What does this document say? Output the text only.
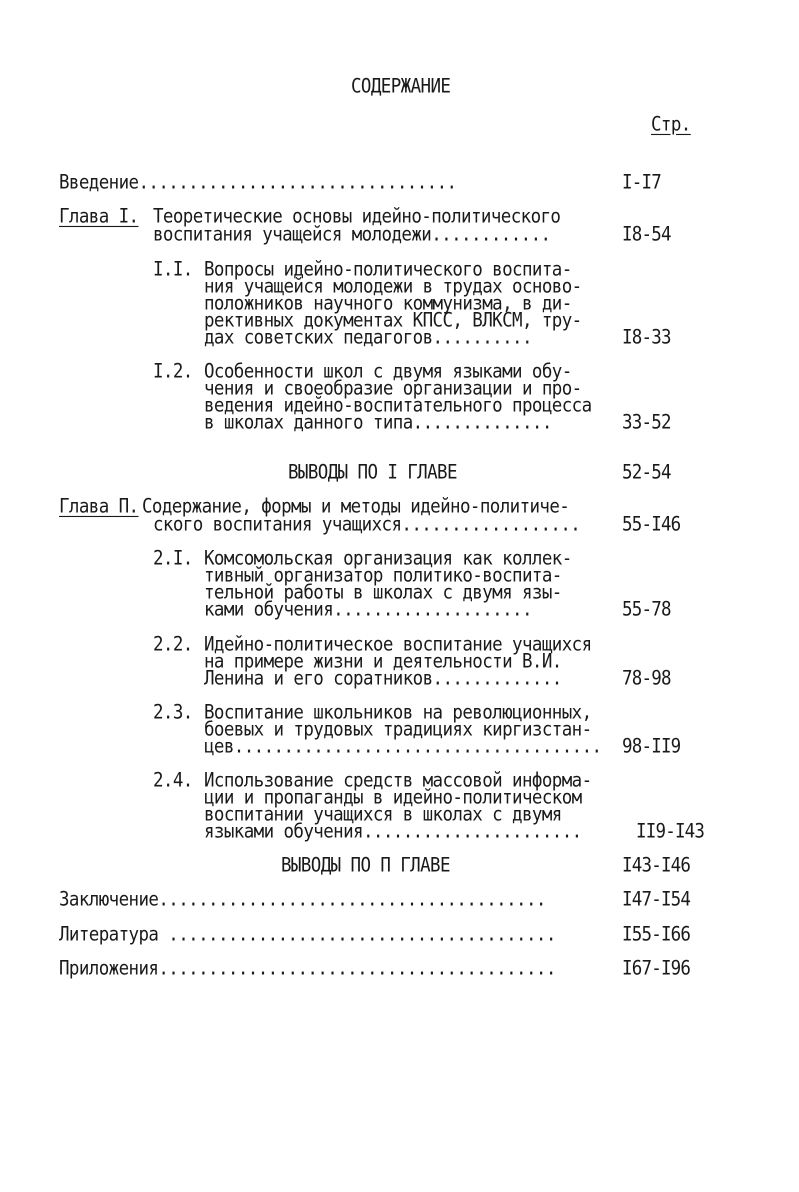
СОДЕРЖАНИЕ
Стр.
Введение................................	I-I7
Глава I. Теоретические основы идейно-политического
воспитания учащейся молодежи............	I8-54
I.I. Вопросы идейно-политического воспита-
ния учащейся молодежи в трудах осново-
положников научного коммунизма, в ди-
рективных документах КПСС, ВЛКСМ, тру-
дах советских педагогов..........	I8-33
I.2. Особенности школ с двумя языками обу-
чения и своеобразие организации и про-
ведения идейно-воспитательного процесса
в школах данного типа..............	33-52
ВЫВОДЫ ПО I ГЛАВЕ	52-54
Глава П. Содержание, формы и методы идейно-политиче-
ского воспитания учащихся.................. 55-I46
2.I. Комсомольская организация как коллек-
тивный организатор политико-воспита-
тельной работы в школах с двумя язы-
ками обучения....................	55-78
2.2. Идейно-политическое воспитание учащихся
на примере жизни и деятельности В.И.
Ленина и его соратников.............	78-98
2.3. Воспитание школьников на революционных,
боевых и трудовых традициях киргизстан-
цев..................................... 98-II9
2.4. Использование средств массовой информа-
ции и пропаганды в идейно-политическом
воспитании учащихся в школах с двумя
языками обучения......................	II9-I43
ВЫВОДЫ ПО П ГЛАВЕ	I43-I46
Заключение.......................................	I47-I54
Литература .......................................	I55-I66
Приложения........................................	I67-I96
